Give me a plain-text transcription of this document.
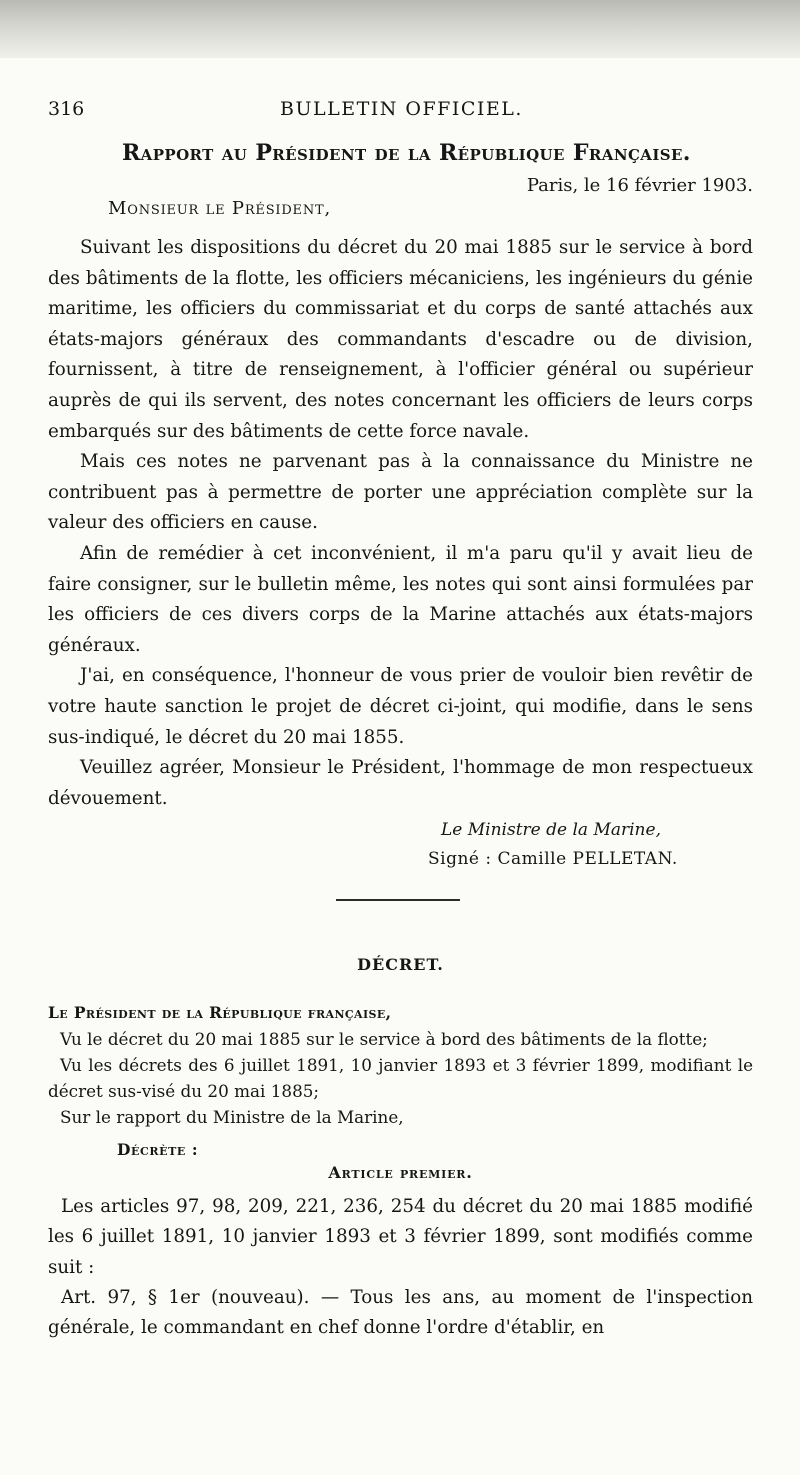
316	BULLETIN OFFICIEL.
Rapport au Président de la République Française.
Paris, le 16 février 1903.
Monsieur le Président,

Suivant les dispositions du décret du 20 mai 1885 sur le service à bord des bâtiments de la flotte, les officiers mécaniciens, les ingénieurs du génie maritime, les officiers du commissariat et du corps de santé attachés aux états-majors généraux des commandants d'escadre ou de division, fournissent, à titre de renseignement, à l'officier général ou supérieur auprès de qui ils servent, des notes concernant les officiers de leurs corps embarqués sur des bâtiments de cette force navale.

Mais ces notes ne parvenant pas à la connaissance du Ministre ne contribuent pas à permettre de porter une appréciation complète sur la valeur des officiers en cause.

Afin de remédier à cet inconvénient, il m'a paru qu'il y avait lieu de faire consigner, sur le bulletin même, les notes qui sont ainsi formulées par les officiers de ces divers corps de la Marine attachés aux états-majors généraux.

J'ai, en conséquence, l'honneur de vous prier de vouloir bien revêtir de votre haute sanction le projet de décret ci-joint, qui modifie, dans le sens sus-indiqué, le décret du 20 mai 1855.

Veuillez agréer, Monsieur le Président, l'hommage de mon respectueux dévouement.

Le Ministre de la Marine,
Signé : Camille PELLETAN.
DÉCRET.
Le Président de la République française,

Vu le décret du 20 mai 1885 sur le service à bord des bâtiments de la flotte;

Vu les décrets des 6 juillet 1891, 10 janvier 1893 et 3 février 1899, modifiant le décret sus-visé du 20 mai 1885;

Sur le rapport du Ministre de la Marine,

Décrète :
Article premier.

Les articles 97, 98, 209, 221, 236, 254 du décret du 20 mai 1885 modifié les 6 juillet 1891, 10 janvier 1893 et 3 février 1899, sont modifiés comme suit :

Art. 97, § 1er (nouveau). — Tous les ans, au moment de l'inspection générale, le commandant en chef donne l'ordre d'établir, en
